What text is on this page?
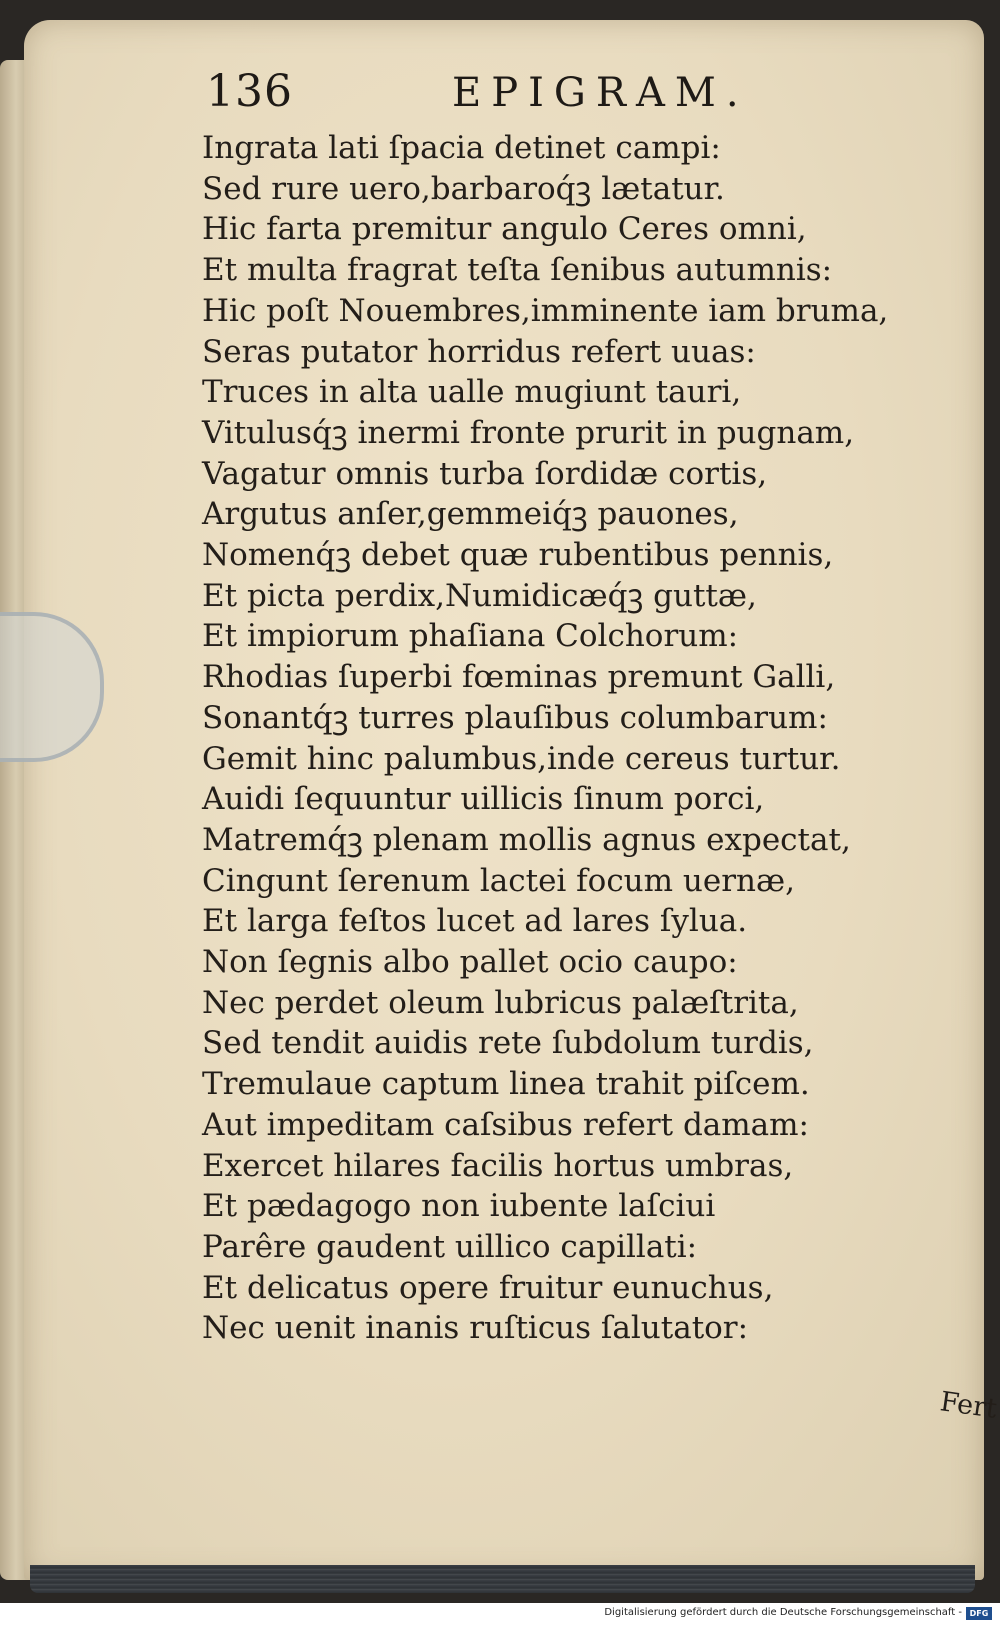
136	EPIGRAM.
Ingrata lati ſpacia detinet campi:
Sed rure uero,barbaroq́ꝫ lætatur.
Hic farta premitur angulo Ceres omni,
Et multa fragrat teſta ſenibus autumnis:
Hic poſt Nouembres,imminente iam bruma,
Seras putator horridus refert uuas:
Truces in alta ualle mugiunt tauri,
Vitulusq́ꝫ inermi fronte prurit in pugnam,
Vagatur omnis turba ſordidæ cortis,
Argutus anſer,gemmeiq́ꝫ pauones,
Nomenq́ꝫ debet quæ rubentibus pennis,
Et picta perdix,Numidicæq́ꝫ guttæ,
Et impiorum phaſiana Colchorum:
Rhodias ſuperbi fœminas premunt Galli,
Sonantq́ꝫ turres plauſibus columbarum:
Gemit hinc palumbus,inde cereus turtur.
Auidi ſequuntur uillicis ſinum porci,
Matremq́ꝫ plenam mollis agnus expectat,
Cingunt ſerenum lactei focum uernæ,
Et larga feſtos lucet ad lares ſylua.
Non ſegnis albo pallet ocio caupo:
Nec perdet oleum lubricus palæſtrita,
Sed tendit auidis rete ſubdolum turdis,
Tremulaue captum linea trahit piſcem.
Aut impeditam caſsibus refert damam:
Exercet hilares facilis hortus umbras,
Et pædagogo non iubente laſciui
Parêre gaudent uillico capillati:
Et delicatus opere fruitur eunuchus,
Nec uenit inanis ruſticus ſalutator:
Fert
Digitalisierung gefördert durch die Deutsche Forschungsgemeinschaft - DFG
